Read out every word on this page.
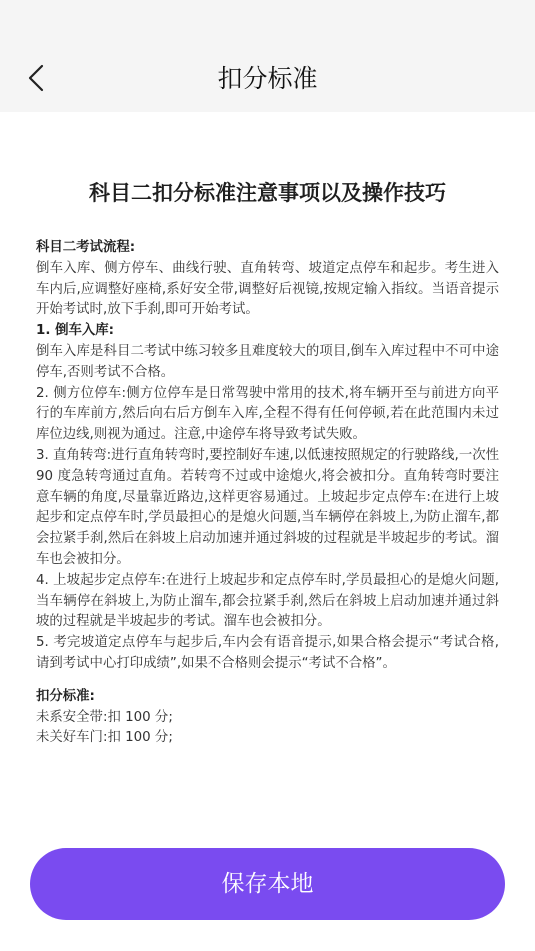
扣分标准
科目二扣分标准注意事项以及操作技巧

科目二考试流程:

倒车入库、侧方停车、曲线行驶、直角转弯、坡道定点停车和起步。考生进入车内后,应调整好座椅,系好安全带,调整好后视镜,按规定输入指纹。当语音提示开始考试时,放下手刹,即可开始考试。

1. 倒车入库:

倒车入库是科目二考试中练习较多且难度较大的项目,倒车入库过程中不可中途停车,否则考试不合格。

2. 侧方位停车:侧方位停车是日常驾驶中常用的技术,将车辆开至与前进方向平行的车库前方,然后向右后方倒车入库,全程不得有任何停顿,若在此范围内未过库位边线,则视为通过。注意,中途停车将导致考试失败。

3. 直角转弯:进行直角转弯时,要控制好车速,以低速按照规定的行驶路线,一次性 90 度急转弯通过直角。若转弯不过或中途熄火,将会被扣分。直角转弯时要注意车辆的角度,尽量靠近路边,这样更容易通过。上坡起步定点停车:在进行上坡起步和定点停车时,学员最担心的是熄火问题,当车辆停在斜坡上,为防止溜车,都会拉紧手刹,然后在斜坡上启动加速并通过斜坡的过程就是半坡起步的考试。溜车也会被扣分。

4. 上坡起步定点停车:在进行上坡起步和定点停车时,学员最担心的是熄火问题,当车辆停在斜坡上,为防止溜车,都会拉紧手刹,然后在斜坡上启动加速并通过斜坡的过程就是半坡起步的考试。溜车也会被扣分。

5. 考完坡道定点停车与起步后,车内会有语音提示,如果合格会提示“考试合格,请到考试中心打印成绩”,如果不合格则会提示“考试不合格”。

扣分标准:

未系安全带:扣 100 分;

未关好车门:扣 100 分;

保存本地
